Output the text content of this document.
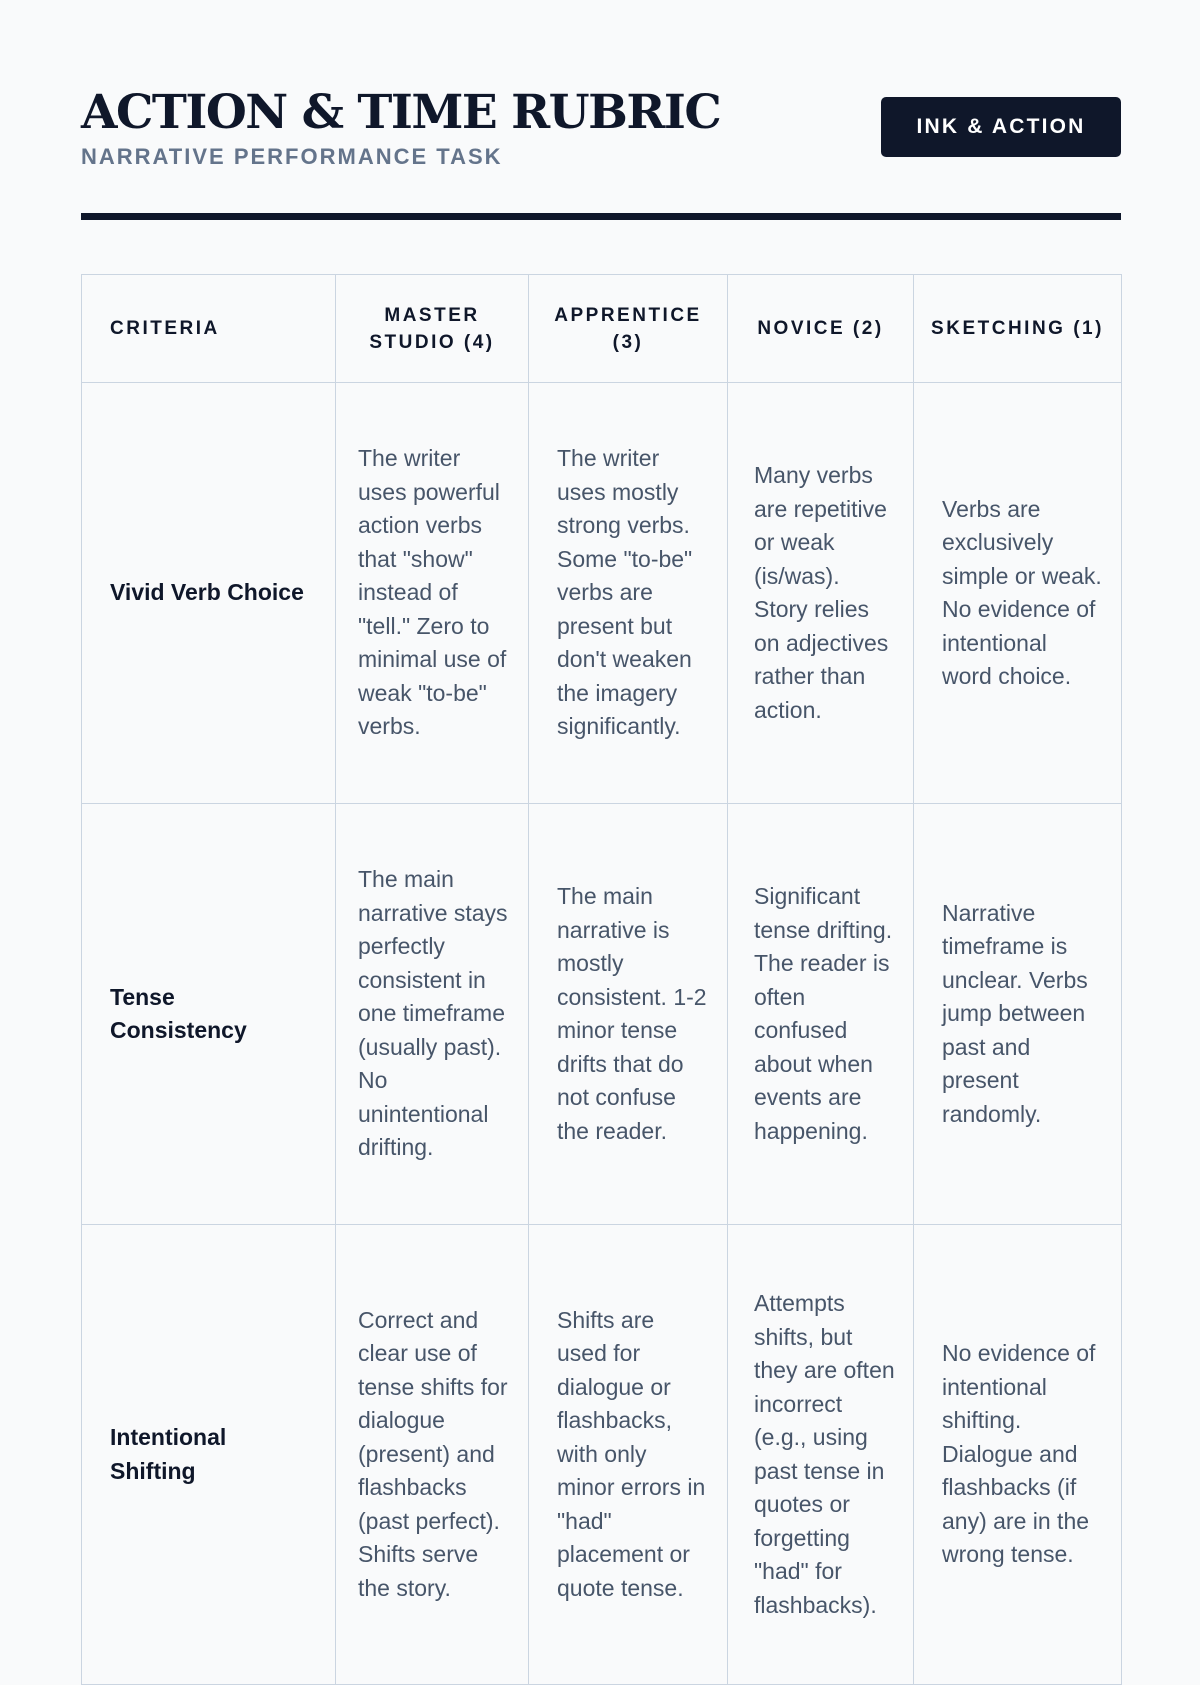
ACTION & TIME RUBRIC
NARRATIVE PERFORMANCE TASK
INK & ACTION
CRITERIA	MASTER STUDIO (4)	APPRENTICE (3)	NOVICE (2)	SKETCHING (1)
Vivid Verb Choice	The writer uses powerful action verbs that "show" instead of "tell." Zero to minimal use of weak "to-be" verbs.	The writer uses mostly strong verbs. Some "to-be" verbs are present but don't weaken the imagery significantly.	Many verbs are repetitive or weak (is/was). Story relies on adjectives rather than action.	Verbs are exclusively simple or weak. No evidence of intentional word choice.
Tense Consistency	The main narrative stays perfectly consistent in one timeframe (usually past). No unintentional drifting.	The main narrative is mostly consistent. 1-2 minor tense drifts that do not confuse the reader.	Significant tense drifting. The reader is often confused about when events are happening.	Narrative timeframe is unclear. Verbs jump between past and present randomly.
Intentional Shifting	Correct and clear use of tense shifts for dialogue (present) and flashbacks (past perfect). Shifts serve the story.	Shifts are used for dialogue or flashbacks, with only minor errors in "had" placement or quote tense.	Attempts shifts, but they are often incorrect (e.g., using past tense in quotes or forgetting "had" for flashbacks).	No evidence of intentional shifting. Dialogue and flashbacks (if any) are in the wrong tense.
